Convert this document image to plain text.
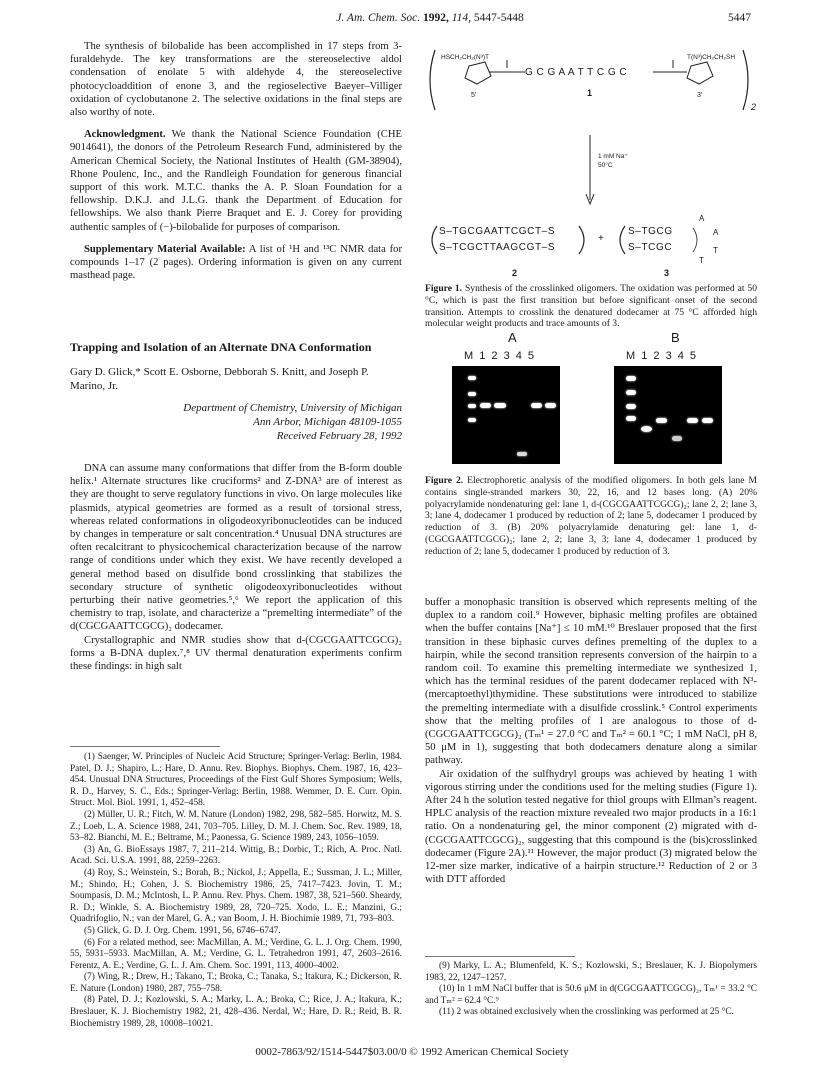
J. Am. Chem. Soc. 1992, 114, 5447-5448	5447

The synthesis of bilobalide has been accomplished in 17 steps from 3-furaldehyde. The key transformations are the stereoselective aldol condensation of enolate 5 with aldehyde 4, the stereoselective photocycloaddition of enone 3, and the regioselective Baeyer–Villiger oxidation of cyclobutanone 2. The selective oxidations in the final steps are also worthy of note.

Acknowledgment. We thank the National Science Foundation (CHE 9014641), the donors of the Petroleum Research Fund, administered by the American Chemical Society, the National Institutes of Health (GM-38904), Rhone Poulenc, Inc., and the Randleigh Foundation for generous financial support of this work. M.T.C. thanks the A. P. Sloan Foundation for a fellowship. D.K.J. and J.L.G. thank the Department of Education for fellowships. We also thank Pierre Braquet and E. J. Corey for providing authentic samples of (−)-bilobalide for purposes of comparison.

Supplementary Material Available: A list of ¹H and ¹³C NMR data for compounds 1–17 (2 pages). Ordering information is given on any current masthead page.

Trapping and Isolation of an Alternate DNA Conformation

Gary D. Glick,* Scott E. Osborne, Debborah S. Knitt, and Joseph P. Marino, Jr.

Department of Chemistry, University of Michigan

Ann Arbor, Michigan 48109-1055

Received February 28, 1992

DNA can assume many conformations that differ from the B-form double helix.¹ Alternate structures like cruciforms² and Z-DNA³ are of interest as they are thought to serve regulatory functions in vivo. On large molecules like plasmids, atypical geometries are formed as a result of torsional stress, whereas related conformations in oligodeoxyribonucleotides can be induced by changes in temperature or salt concentration.⁴ Unusual DNA structures are often recalcitrant to physicochemical characterization because of the narrow range of conditions under which they exist. We have recently developed a general method based on disulfide bond crosslinking that stabilizes the secondary structure of synthetic oligodeoxyribonucleotides without perturbing their native geometries.⁵,⁶ We report the application of this chemistry to trap, isolate, and characterize a “premelting intermediate” of the d(CGCGAATTCGCG)₂ dodecamer.

Crystallographic and NMR studies show that d-(CGCGAATTCGCG)₂ forms a B-DNA duplex.⁷,⁸ UV thermal denaturation experiments confirm these findings: in high salt

(1) Saenger, W. Principles of Nucleic Acid Structure; Springer-Verlag: Berlin, 1984. Patel, D. J.; Shapiro, L.; Hare, D. Annu. Rev. Biophys. Biophys. Chem. 1987, 16, 423–454. Unusual DNA Structures, Proceedings of the First Gulf Shores Symposium; Wells, R. D., Harvey, S. C., Eds.; Springer-Verlag: Berlin, 1988. Wemmer, D. E. Curr. Opin. Struct. Mol. Biol. 1991, 1, 452–458.

(2) Müller, U. R.; Fitch, W. M. Nature (London) 1982, 298, 582–585. Horwitz, M. S. Z.; Loeb, L. A. Science 1988, 241, 703–705. Lilley, D. M. J. Chem. Soc. Rev. 1989, 18, 53–82. Bianchi, M. E.; Beltrame, M.; Paonessa, G. Science 1989, 243, 1056–1059.

(3) An, G. BioEssays 1987, 7, 211–214. Wittig, B.; Dorbic, T.; Rich, A. Proc. Natl. Acad. Sci. U.S.A. 1991, 88, 2259–2263.

(4) Roy, S.; Weinstein, S.; Borah, B.; Nickol, J.; Appella, E.; Sussman, J. L.; Miller, M.; Shindo, H.; Cohen, J. S. Biochemistry 1986, 25, 7417–7423. Jovin, T. M.; Soumpasis, D. M.; McIntosh, L. P. Annu. Rev. Phys. Chem. 1987, 38, 521–560. Sheardy, R. D.; Winkle, S. A. Biochemistry 1989, 28, 720–725. Xodo, L. E.; Manzini, G.; Quadrifoglio, N.; van der Marel, G. A.; van Boom, J. H. Biochimie 1989, 71, 793–803.

(5) Glick, G. D. J. Org. Chem. 1991, 56, 6746–6747.

(6) For a related method, see: MacMillan, A. M.; Verdine, G. L. J. Org. Chem. 1990, 55, 5931–5933. MacMillan, A. M.; Verdine, G. L. Tetrahedron 1991, 47, 2603–2616. Ferentz, A. E.; Verdine, G. L. J. Am. Chem. Soc. 1991, 113, 4000–4002.

(7) Wing, R.; Drew, H.; Takano, T.; Broka, C.; Tanaka, S.; Itakura, K.; Dickerson, R. E. Nature (London) 1980, 287, 755–758.

(8) Patel, D. J.; Kozlowski, S. A.; Marky, L. A.; Broka, C.; Rice, J. A.; Itakura, K.; Breslauer, K. J. Biochemistry 1982, 21, 428–436. Nerdal, W.; Hare, D. R.; Reid, B. R. Biochemistry 1989, 28, 10008–10021.

HSCH₂CH₂(N³)T	T(N³)CH₂CH₂SH
G C G A A T T C G C
5′	3′
1
2
1 mM Na⁺
50°C
S–TGCGAATTCGCT–S
S–TCGCTTAAGCGT–S
+
S–TGCG
S–TCGC
A
A
T
T
2	3
Figure 1. Synthesis of the crosslinked oligomers. The oxidation was performed at 50 °C, which is past the first transition but before significant onset of the second transition. Attempts to crosslink the denatured dodecamer at 75 °C afforded high molecular weight products and trace amounts of 3.
A	B
M 1 2 3 4 5	M 1 2 3 4 5
Figure 2. Electrophoretic analysis of the modified oligomers. In both gels lane M contains single-stranded markers 30, 22, 16, and 12 bases long. (A) 20% polyacrylamide nondenaturing gel: lane 1, d-(CGCGAATTCGCG)₂; lane 2, 2; lane 3, 3; lane 4, dodecamer 1 produced by reduction of 2; lane 5, dodecamer 1 produced by reduction of 3. (B) 20% polyacrylamide denaturing gel: lane 1, d-(CGCGAATTCGCG)₂; lane 2, 2; lane 3, 3; lane 4, dodecamer 1 produced by reduction of 2; lane 5, dodecamer 1 produced by reduction of 3.

buffer a monophasic transition is observed which represents melting of the duplex to a random coil.⁹ However, biphasic melting profiles are obtained when the buffer contains [Na⁺] ≤ 10 mM.¹⁰ Breslauer proposed that the first transition in these biphasic curves defines premelting of the duplex to a hairpin, while the second transition represents conversion of the hairpin to a random coil. To examine this premelting intermediate we synthesized 1, which has the terminal residues of the parent dodecamer replaced with N³-(mercaptoethyl)thymidine. These substitutions were introduced to stabilize the premelting intermediate with a disulfide crosslink.⁵ Control experiments show that the melting profiles of 1 are analogous to those of d-(CGCGAATTCGCG)₂ (Tₘ¹ = 27.0 °C and Tₘ² = 60.1 °C; 1 mM NaCl, pH 8, 50 μM in 1), suggesting that both dodecamers denature along a similar pathway.

Air oxidation of the sulfhydryl groups was achieved by heating 1 with vigorous stirring under the conditions used for the melting studies (Figure 1). After 24 h the solution tested negative for thiol groups with Ellman’s reagent. HPLC analysis of the reaction mixture revealed two major products in a 16:1 ratio. On a nondenaturing gel, the minor component (2) migrated with d-(CGCGAATTCGCG)₂, suggesting that this compound is the (bis)crosslinked dodecamer (Figure 2A).¹¹ However, the major product (3) migrated below the 12-mer size marker, indicative of a hairpin structure.¹² Reduction of 2 or 3 with DTT afforded

(9) Marky, L. A.; Blumenfeld, K. S.; Kozlowski, S.; Breslauer, K. J. Biopolymers 1983, 22, 1247–1257.

(10) In 1 mM NaCl buffer that is 50.6 μM in d(CGCGAATTCGCG)₂, Tₘ¹ = 33.2 °C and Tₘ² = 62.4 °C.⁹

(11) 2 was obtained exclusively when the crosslinking was performed at 25 °C.

0002-7863/92/1514-5447$03.00/0 © 1992 American Chemical Society
